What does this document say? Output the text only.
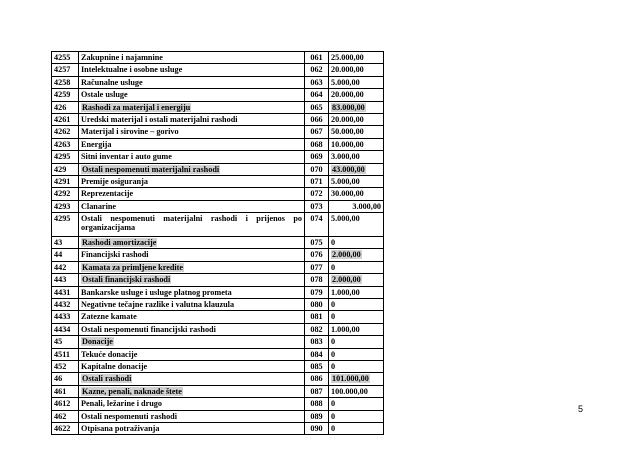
4255	Zakupnine i najamnine	061	25.000,00
4257	Intelektualne i osobne usluge	062	20.000,00
4258	Računalne usluge	063	5.000,00
4259	Ostale usluge	064	20.000,00
426	Rashodi za materijal i energiju	065	83.000,00
4261	Uredski materijal i ostali materijalni rashodi	066	20.000,00
4262	Materijal i sirovine – gorivo	067	50.000,00
4263	Energija	068	10.000,00
4295	Sitni inventar i auto gume	069	3.000,00
429	Ostali nespomenuti materijalni rashodi	070	43.000,00
4291	Premije osiguranja	071	5.000,00
4292	Reprezentacije	072	30.000,00
4293	Clanarine	073	3.000,00
4295	Ostali nespomenuti materijalni rashodi i prijenos po organizacijama	074	5.000,00
43	Rashodi amortizacije	075	0
44	Financijski rashodi	076	2.000,00
442	Kamata za primljene kredite	077	0
443	Ostali financijski rashodi	078	2.000,00
4431	Bankarske usluge i usluge platnog prometa	079	1.000,00
4432	Negativne tečajne razlike i valutna klauzula	080	0
4433	Zatezne kamate	081	0
4434	Ostali nespomenuti financijski rashodi	082	1.000,00
45	Donacije	083	0
4511	Tekuće donacije	084	0
452	Kapitalne donacije	085	0
46	Ostali rashodi	086	101.000,00
461	Kazne, penali, naknade štete	087	100.000,00
4612	Penali, ležarine i drugo	088	0
462	Ostali nespomenuti rashodi	089	0
4622	Otpisana potraživanja	090	0
5
